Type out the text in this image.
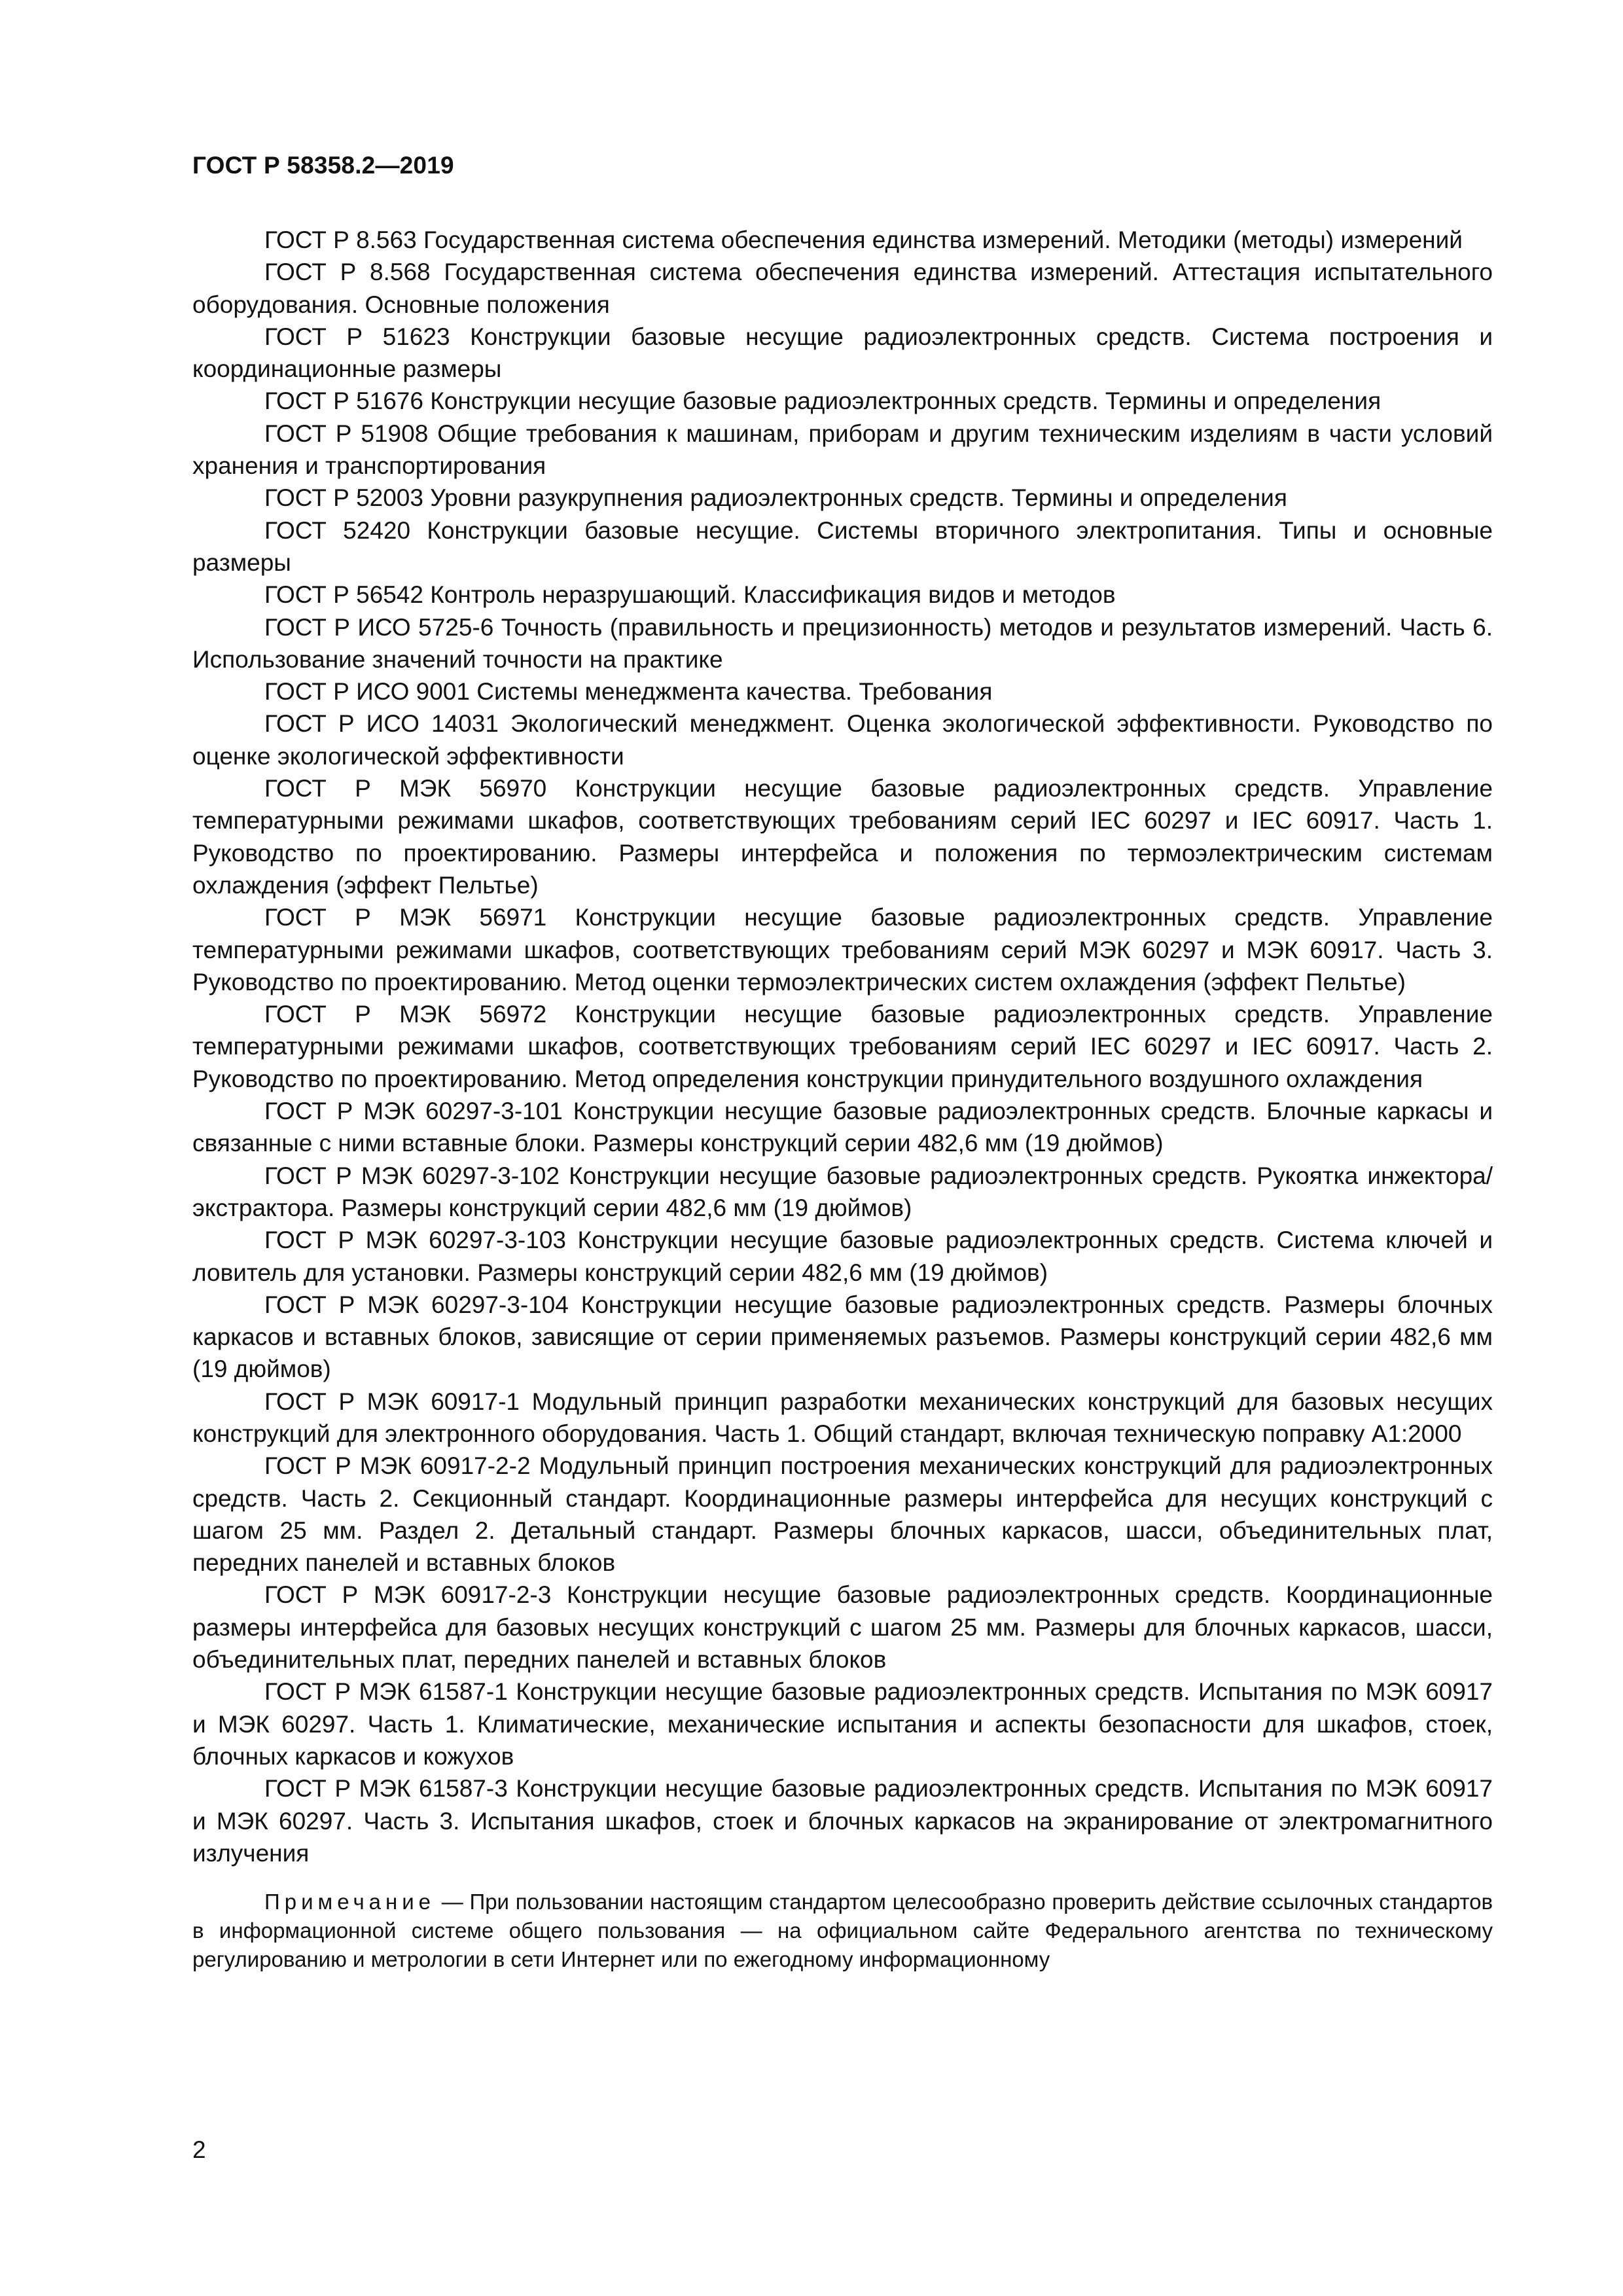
ГОСТ Р 58358.2—2019

ГОСТ Р 8.563 Государственная система обеспечения единства измерений. Методики (методы) измерений

ГОСТ Р 8.568 Государственная система обеспечения единства измерений. Аттестация испытательного оборудования. Основные положения

ГОСТ Р 51623 Конструкции базовые несущие радиоэлектронных средств. Система построения и координационные размеры

ГОСТ Р 51676 Конструкции несущие базовые радиоэлектронных средств. Термины и определения

ГОСТ Р 51908 Общие требования к машинам, приборам и другим техническим изделиям в части условий хранения и транспортирования

ГОСТ Р 52003 Уровни разукрупнения радиоэлектронных средств. Термины и определения

ГОСТ 52420 Конструкции базовые несущие. Системы вторичного электропитания. Типы и основные размеры

ГОСТ Р 56542 Контроль неразрушающий. Классификация видов и методов

ГОСТ Р ИСО 5725-6 Точность (правильность и прецизионность) методов и результатов измерений. Часть 6. Использование значений точности на практике

ГОСТ Р ИСО 9001 Системы менеджмента качества. Требования

ГОСТ Р ИСО 14031 Экологический менеджмент. Оценка экологической эффективности. Руководство по оценке экологической эффективности

ГОСТ Р МЭК 56970 Конструкции несущие базовые радиоэлектронных средств. Управление температурными режимами шкафов, соответствующих требованиям серий IEC 60297 и IEC 60917. Часть 1. Руководство по проектированию. Размеры интерфейса и положения по термоэлектрическим системам охлаждения (эффект Пельтье)

ГОСТ Р МЭК 56971 Конструкции несущие базовые радиоэлектронных средств. Управление температурными режимами шкафов, соответствующих требованиям серий МЭК 60297 и МЭК 60917. Часть 3. Руководство по проектированию. Метод оценки термоэлектрических систем охлаждения (эффект Пельтье)

ГОСТ Р МЭК 56972 Конструкции несущие базовые радиоэлектронных средств. Управление температурными режимами шкафов, соответствующих требованиям серий IEC 60297 и IEC 60917. Часть 2. Руководство по проектированию. Метод определения конструкции принудительного воздушного охлаждения

ГОСТ Р МЭК 60297-3-101 Конструкции несущие базовые радиоэлектронных средств. Блочные каркасы и связанные с ними вставные блоки. Размеры конструкций серии 482,6 мм (19 дюймов)

ГОСТ Р МЭК 60297-3-102 Конструкции несущие базовые радиоэлектронных средств. Рукоятка инжектора/экстрактора. Размеры конструкций серии 482,6 мм (19 дюймов)

ГОСТ Р МЭК 60297-3-103 Конструкции несущие базовые радиоэлектронных средств. Система ключей и ловитель для установки. Размеры конструкций серии 482,6 мм (19 дюймов)

ГОСТ Р МЭК 60297-3-104 Конструкции несущие базовые радиоэлектронных средств. Размеры блочных каркасов и вставных блоков, зависящие от серии применяемых разъемов. Размеры конструкций серии 482,6 мм (19 дюймов)

ГОСТ Р МЭК 60917-1 Модульный принцип разработки механических конструкций для базовых несущих конструкций для электронного оборудования. Часть 1. Общий стандарт, включая техническую поправку А1:2000

ГОСТ Р МЭК 60917-2-2 Модульный принцип построения механических конструкций для радиоэлектронных средств. Часть 2. Секционный стандарт. Координационные размеры интерфейса для несущих конструкций с шагом 25 мм. Раздел 2. Детальный стандарт. Размеры блочных каркасов, шасси, объединительных плат, передних панелей и вставных блоков

ГОСТ Р МЭК 60917-2-3 Конструкции несущие базовые радиоэлектронных средств. Координационные размеры интерфейса для базовых несущих конструкций с шагом 25 мм. Размеры для блочных каркасов, шасси, объединительных плат, передних панелей и вставных блоков

ГОСТ Р МЭК 61587-1 Конструкции несущие базовые радиоэлектронных средств. Испытания по МЭК 60917 и МЭК 60297. Часть 1. Климатические, механические испытания и аспекты безопасности для шкафов, стоек, блочных каркасов и кожухов

ГОСТ Р МЭК 61587-3 Конструкции несущие базовые радиоэлектронных средств. Испытания по МЭК 60917 и МЭК 60297. Часть 3. Испытания шкафов, стоек и блочных каркасов на экранирование от электромагнитного излучения

Примечание — При пользовании настоящим стандартом целесообразно проверить действие ссылочных стандартов в информационной системе общего пользования — на официальном сайте Федерального агентства по техническому регулированию и метрологии в сети Интернет или по ежегодному информационному

2
